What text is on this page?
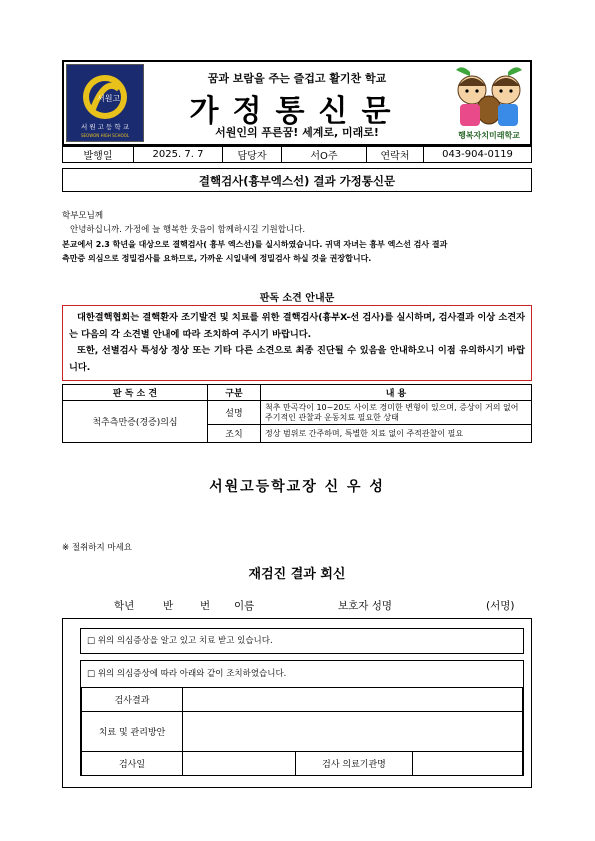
서원고
서 원 고 등 학 교
SEOWON HIGH SCHOOL
꿈과 보람을 주는 즐겁고 활기찬 학교
가정통신문
서원인의 푸른꿈! 세계로, 미래로!	행복자치미래학교
발행일	2025. 7. 7	담당자	서O주	연락처	043-904-0119
결핵검사(흉부엑스선) 결과 가정통신문
학부모님께
안녕하십니까. 가정에 늘 행복한 웃음이 함께하시길 기원합니다.
본교에서 2.3 학년을 대상으로 결핵검사( 흉부 엑스선)를 실시하였습니다. 귀댁 자녀는 흉부 엑스선 검사 결과
측만증 의심으로 정밀검사를 요하므로, 가까운 시일내에 정밀검사 하실 것을 권장합니다.
판독 소견 안내문
대한결핵협회는 결핵환자 조기발견 및 치료를 위한 결핵검사(흉부X-선 검사)를 실시하며, 검사결과 이상 소견자는 다음의 각 소견별 안내에 따라 조치하여 주시기 바랍니다.
또한, 선별검사 특성상 정상 또는 기타 다른 소견으로 최종 진단될 수 있음을 안내하오니 이점 유의하시기 바랍니다.
판 독 소 견	구분	내 용
척추측만증(경증)의심	설명	척추 만곡각이 10~20도 사이로 경미한 변형이 있으며, 증상이 거의 없어 주기적인 관찰과 운동치료 필요한 상태
	조치	정상 범위로 간주하며, 특별한 치료 없이 주적관찰이 필요
서원고등학교장 신 우 성
※ 절취하지 마세요
재검진 결과 회신
학년	반	번 이름	보호자 성명	(서명)
□ 위의 의심증상을 알고 있고 치료 받고 있습니다.
□ 위의 의심증상에 따라 아래와 같이 조치하였습니다.
검사결과			
치료 및 관리방안			
검사일		검사 의료기관명	
